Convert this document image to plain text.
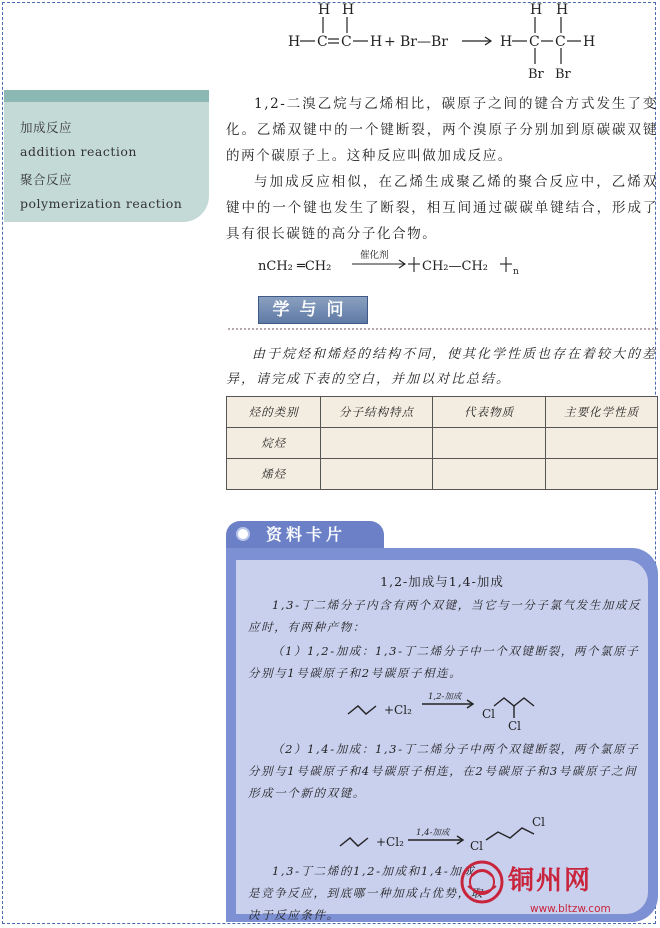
H H
H C C H + Br—Br
H H
H C C H
Br Br
加成反应
addition reaction
聚合反应
polymerization reaction
1,2-二溴乙烷与乙烯相比，碳原子之间的键合方式发生了变化。乙烯双键中的一个键断裂，两个溴原子分别加到原碳碳双键的两个碳原子上。这种反应叫做加成反应。
与加成反应相似，在乙烯生成聚乙烯的聚合反应中，乙烯双键中的一个键也发生了断裂，相互间通过碳碳单键结合，形成了具有很长碳链的高分子化合物。
nCH₂ ═CH₂
催化剂
CH₂—CH₂	n
学与问
由于烷烃和烯烃的结构不同，使其化学性质也存在着较大的差异，请完成下表的空白，并加以对比总结。
烃的类别	分子结构特点	代表物质	主要化学性质
烷烃			
烯烃			
资料卡片
1,2-加成与1,4-加成
1,3-丁二烯分子内含有两个双键，当它与一分子氯气发生加成反应时，有两种产物：
（1）1,2-加成：1,3-丁二烯分子中一个双键断裂，两个氯原子分别与1号碳原子和2号碳原子相连。
+Cl₂
1,2-加成
Cl
Cl
（2）1,4-加成：1,3-丁二烯分子中两个双键断裂，两个氯原子分别与1号碳原子和4号碳原子相连，在2号碳原子和3号碳原子之间形成一个新的双键。
+Cl₂
1,4-加成
Cl
Cl
1,3-丁二烯的1,2-加成和1,4-加成是竞争反应，到底哪一种加成占优势，取决于反应条件。
铜州网
www.bltzw.com
